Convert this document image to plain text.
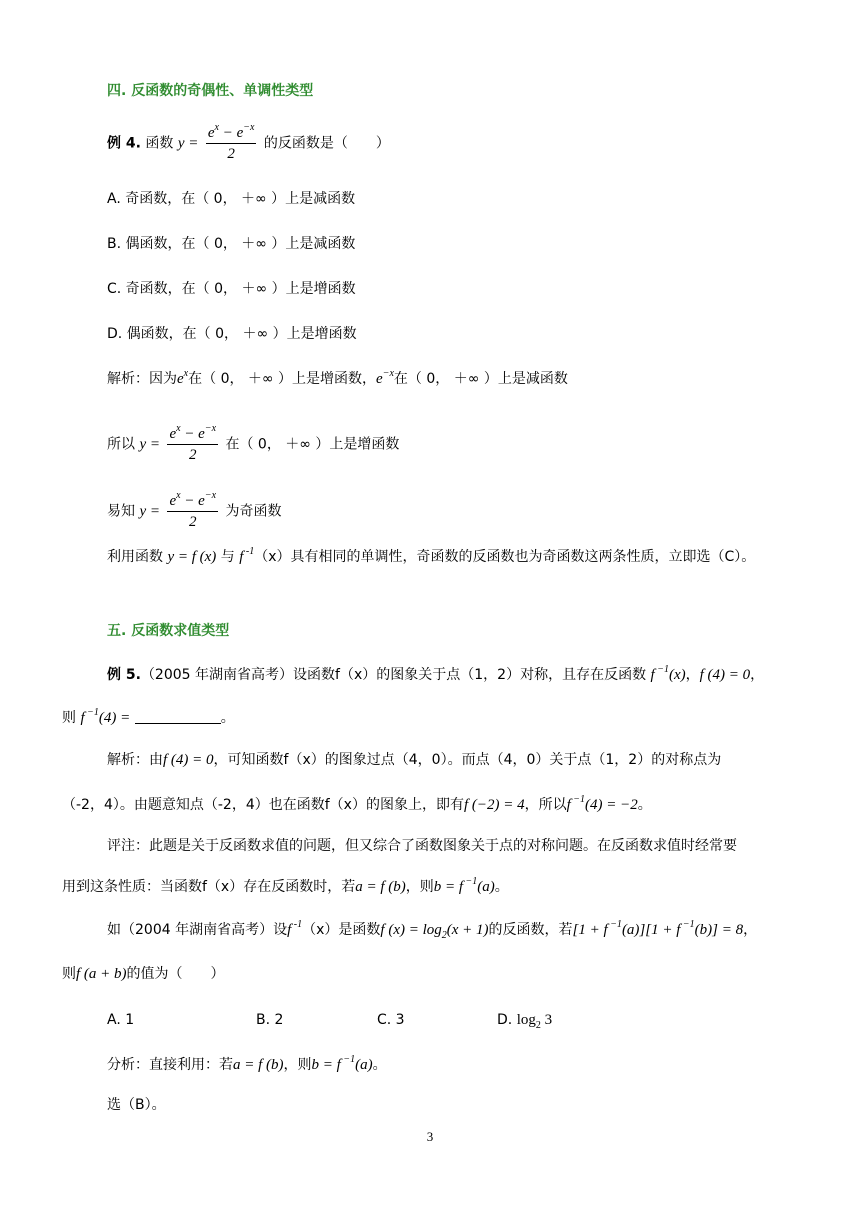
四. 反函数的奇偶性、单调性类型
例 4. 函数 $y = \frac{e^x - e^{-x}}{2}$ 的反函数是（　　）
A. 奇函数，在（ 0， ＋∞ ）上是减函数
B. 偶函数，在（ 0， ＋∞ ）上是减函数
C. 奇函数，在（ 0， ＋∞ ）上是增函数
D. 偶函数，在（ 0， ＋∞ ）上是增函数
解析：因为$e^x$在（ 0， ＋∞ ）上是增函数，$e^{-x}$在（ 0， ＋∞ ）上是减函数
所以 $y = \frac{e^x - e^{-x}}{2}$ 在（ 0， ＋∞ ）上是增函数
易知 $y = \frac{e^x - e^{-x}}{2}$ 为奇函数
利用函数 y = f (x) 与 f $^{-1}$（x）具有相同的单调性，奇函数的反函数也为奇函数这两条性质，立即选（C）。
五. 反函数求值类型
例 5.（2005 年湖南省高考）设函数f（x）的图象关于点（1，2）对称，且存在反函数 f $^{-1}$(x)，f (4) = 0，
则 f $^{-1}$(4) =	。
解析：由f (4) = 0，可知函数f（x）的图象过点（4，0）。而点（4，0）关于点（1，2）的对称点为
（-2，4）。由题意知点（-2，4）也在函数f（x）的图象上，即有f (−2) = 4，所以f $^{-1}$(4) = −2。
评注：此题是关于反函数求值的问题，但又综合了函数图象关于点的对称问题。在反函数求值时经常要
用到这条性质：当函数f（x）存在反函数时，若a = f (b)，则b = f $^{-1}$(a)。
如（2004 年湖南省高考）设f $^{-1}$（x）是函数f $(x) = \log_2(x + 1)$的反函数，若[1 + f $^{-1}$(a)][1 + f $^{-1}$(b)] = 8，
则f (a + b)的值为（　　）
A. 1	B. 2	C. 3	D. $\log_2 3$
分析：直接利用：若a = f (b)，则b = f $^{-1}$(a)。
选（B）。
3
